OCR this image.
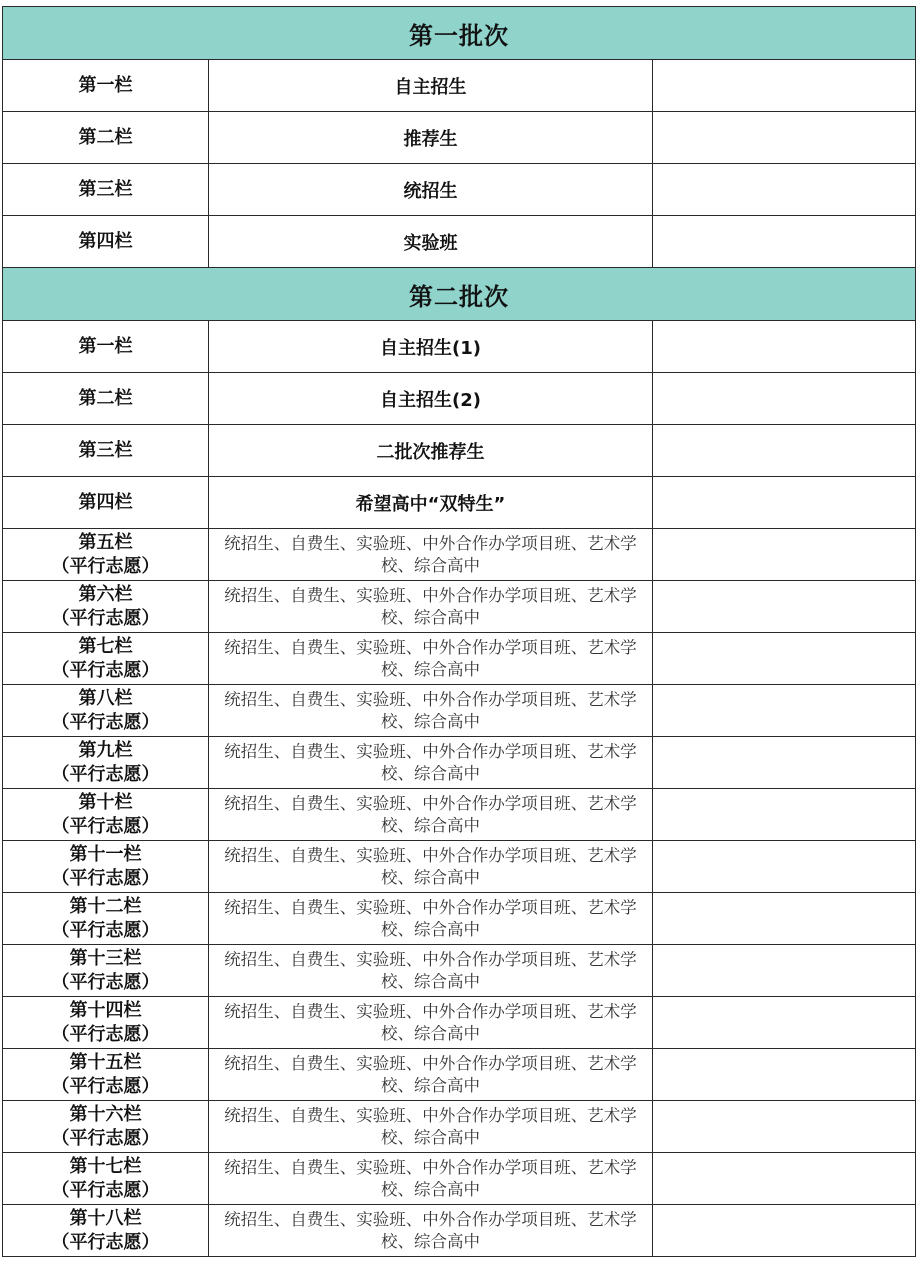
第一批次		
第一栏	自主招生	
第二栏	推荐生	
第三栏	统招生	
第四栏	实验班	
第二批次		
第一栏	自主招生(1)	
第二栏	自主招生(2)	
第三栏	二批次推荐生	
第四栏	希望高中“双特生”	

第五栏
（平行志愿）	统招生、自费生、实验班、中外合作办学项目班、艺术学校、综合高中	

第六栏
（平行志愿）	统招生、自费生、实验班、中外合作办学项目班、艺术学校、综合高中	

第七栏
（平行志愿）	统招生、自费生、实验班、中外合作办学项目班、艺术学校、综合高中	

第八栏
（平行志愿）	统招生、自费生、实验班、中外合作办学项目班、艺术学校、综合高中	

第九栏
（平行志愿）	统招生、自费生、实验班、中外合作办学项目班、艺术学校、综合高中	

第十栏
（平行志愿）	统招生、自费生、实验班、中外合作办学项目班、艺术学校、综合高中	

第十一栏
（平行志愿）	统招生、自费生、实验班、中外合作办学项目班、艺术学校、综合高中	

第十二栏
（平行志愿）	统招生、自费生、实验班、中外合作办学项目班、艺术学校、综合高中	

第十三栏
（平行志愿）	统招生、自费生、实验班、中外合作办学项目班、艺术学校、综合高中	

第十四栏
（平行志愿）	统招生、自费生、实验班、中外合作办学项目班、艺术学校、综合高中	

第十五栏
（平行志愿）	统招生、自费生、实验班、中外合作办学项目班、艺术学校、综合高中	

第十六栏
（平行志愿）	统招生、自费生、实验班、中外合作办学项目班、艺术学校、综合高中	

第十七栏
（平行志愿）	统招生、自费生、实验班、中外合作办学项目班、艺术学校、综合高中	

第十八栏
（平行志愿）	统招生、自费生、实验班、中外合作办学项目班、艺术学校、综合高中	
